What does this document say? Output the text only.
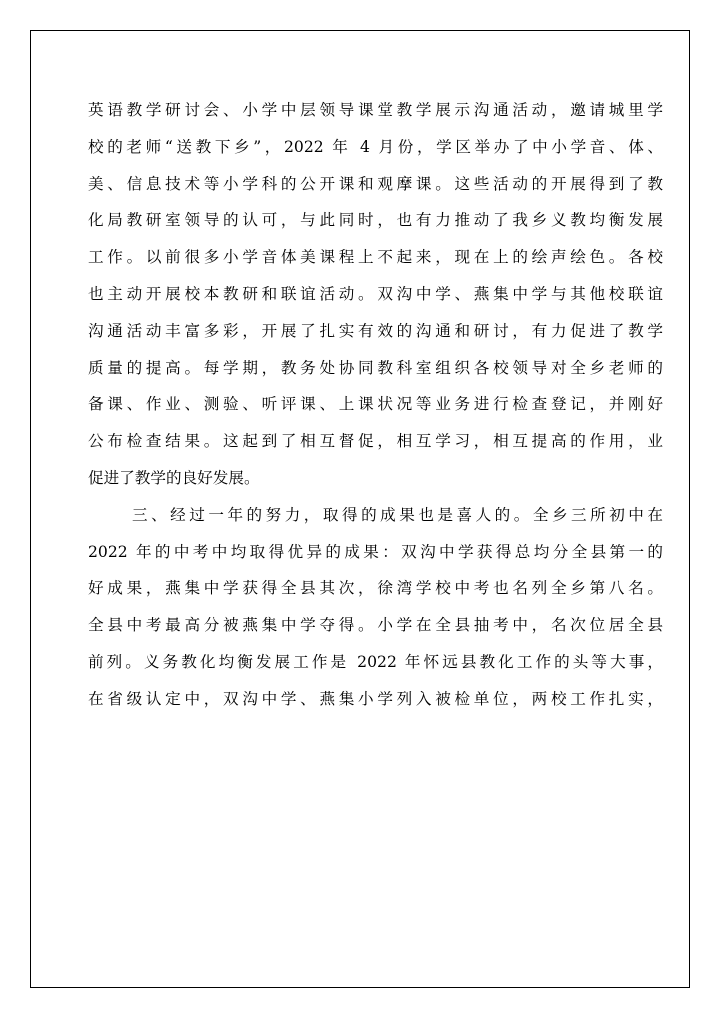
英语教学研讨会、小学中层领导课堂教学展示沟通活动，邀请城里学
校的老师“送教下乡”，2022 年 4 月份，学区举办了中小学音、体、
美、信息技术等小学科的公开课和观摩课。这些活动的开展得到了教
化局教研室领导的认可，与此同时，也有力推动了我乡义教均衡发展
工作。以前很多小学音体美课程上不起来，现在上的绘声绘色。各校
也主动开展校本教研和联谊活动。双沟中学、燕集中学与其他校联谊
沟通活动丰富多彩，开展了扎实有效的沟通和研讨，有力促进了教学
质量的提高。每学期，教务处协同教科室组织各校领导对全乡老师的
备课、作业、测验、听评课、上课状况等业务进行检查登记，并刚好
公布检查结果。这起到了相互督促，相互学习，相互提高的作用，业
促进了教学的良好发展。
三、经过一年的努力，取得的成果也是喜人的。全乡三所初中在
2022 年的中考中均取得优异的成果：双沟中学获得总均分全县第一的
好成果，燕集中学获得全县其次，徐湾学校中考也名列全乡第八名。
全县中考最高分被燕集中学夺得。小学在全县抽考中，名次位居全县
前列。义务教化均衡发展工作是 2022 年怀远县教化工作的头等大事，
在省级认定中，双沟中学、燕集小学列入被检单位，两校工作扎实，
